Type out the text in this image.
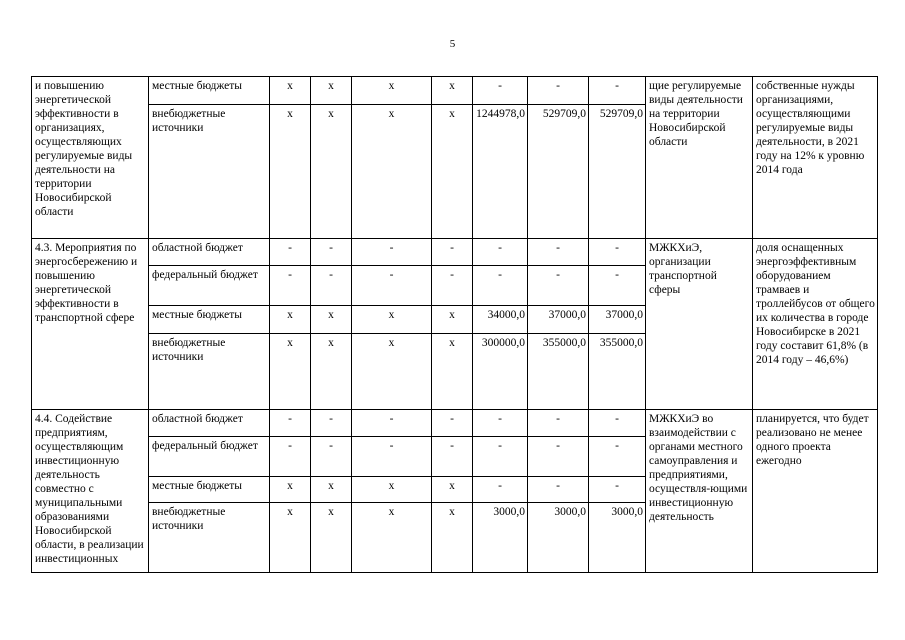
5
и повышению энергетической эффективности в организациях, осуществляющих регулируемые виды деятельности на территории Новосибирской области	местные бюджеты	x	x	x	x	-	-	-	щие регулируемые виды деятельности на территории Новосибирской области	собственные нужды организациями, осуществляющими регулируемые виды деятельности, в 2021 году на 12% к уровню 2014 года
	внебюджетные источники	x	x	x	x	1244978,0	529709,0	529709,0		
4.3. Мероприятия по энергосбережению и повышению энергетической эффективности в транспортной сфере	областной бюджет	-	-	-	-	-	-	-	МЖКХиЭ, организации транспортной сферы	доля оснащенных энергоэффективным оборудованием трамваев и троллейбусов от общего их количества в городе Новосибирске в 2021 году составит 61,8% (в 2014 году – 46,6%)
	федеральный бюджет	-	-	-	-	-	-	-		
	местные бюджеты	x	x	x	x	34000,0	37000,0	37000,0		
	внебюджетные источники	x	x	x	x	300000,0	355000,0	355000,0		
4.4. Содействие предприятиям, осуществляющим инвестиционную деятельность совместно с муниципальными образованиями Новосибирской области, в реализации инвестиционных	областной бюджет	-	-	-	-	-	-	-	МЖКХиЭ во взаимодействии с органами местного самоуправления и предприятиями, осуществля-ющими инвестиционную деятельность	планируется, что будет реализовано не менее одного проекта ежегодно
	федеральный бюджет	-	-	-	-	-	-	-		
	местные бюджеты	x	x	x	x	-	-	-		
	внебюджетные источники	x	x	x	x	3000,0	3000,0	3000,0		
